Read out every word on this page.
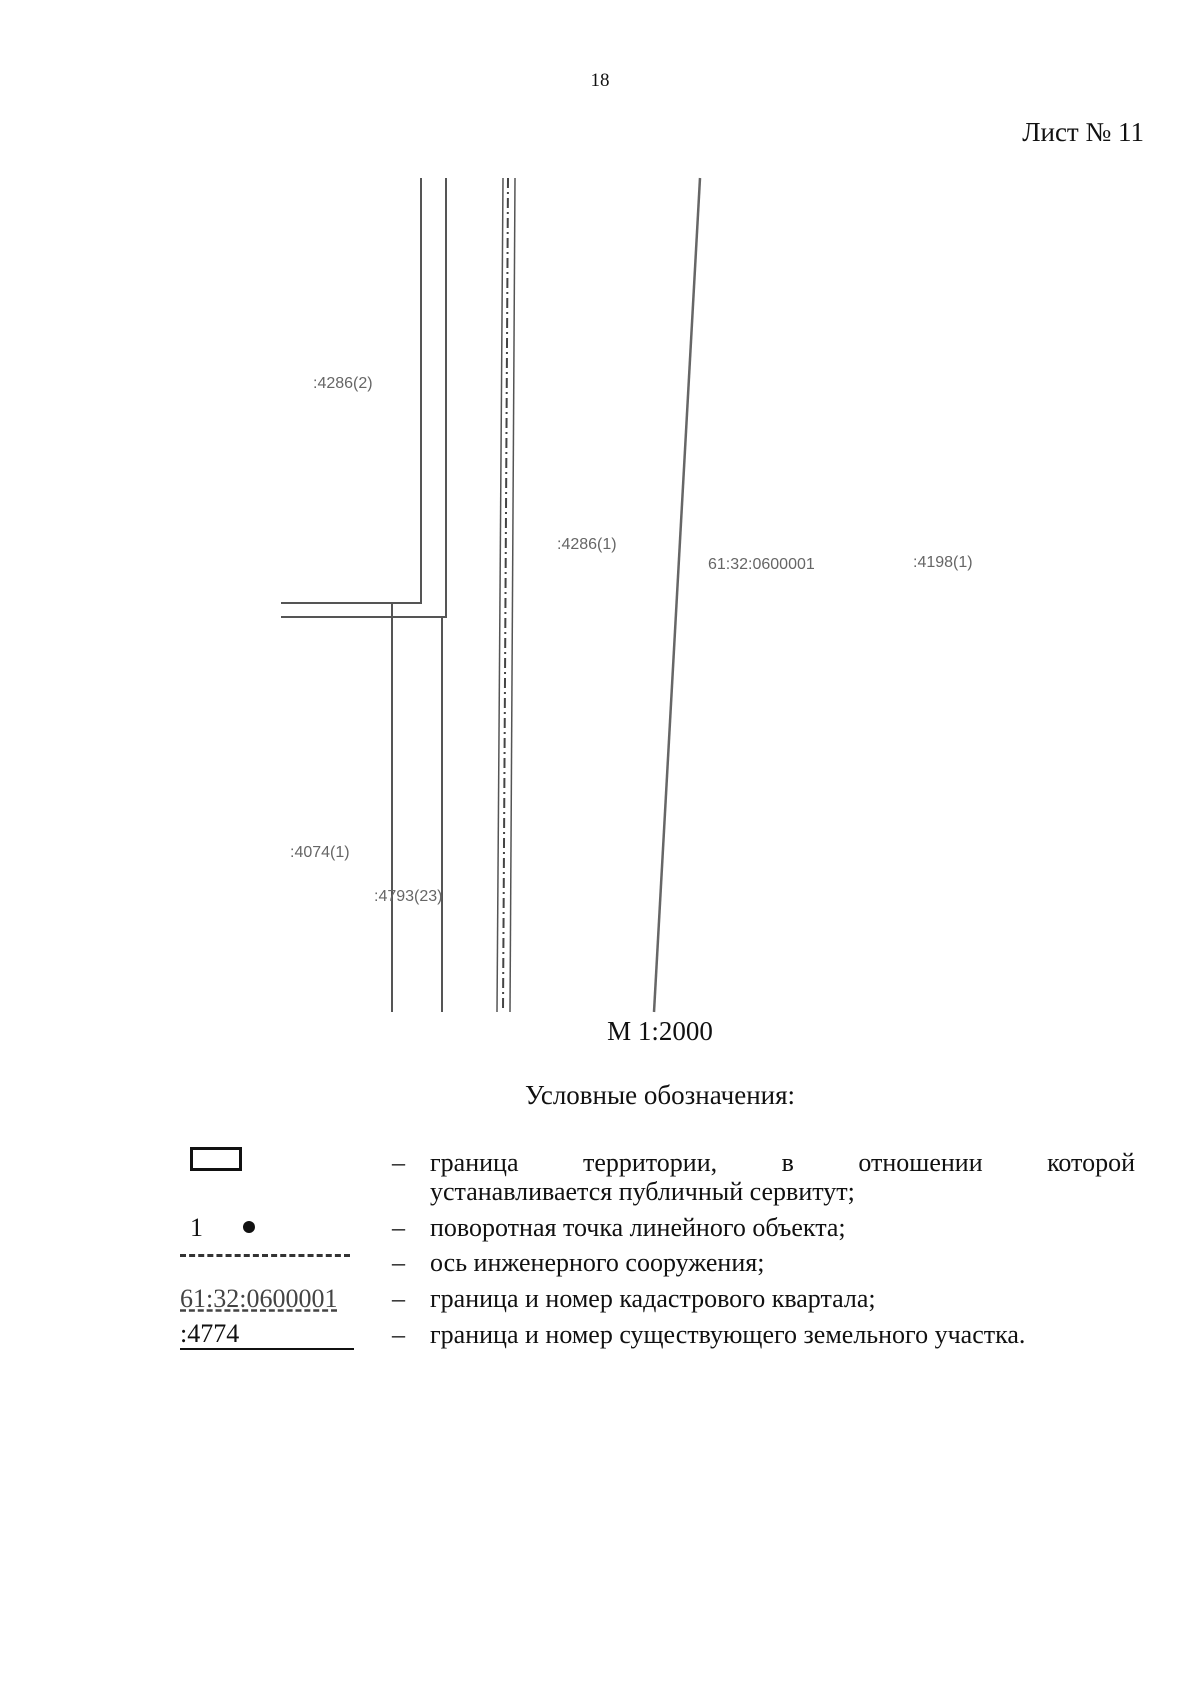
18
Лист № 11
:4286(2)
:4286(1)
61:32:0600001	:4198(1)
:4074(1)
:4793(23)
М 1:2000
Условные обозначения:
– граница территории, в отношении которой
устанавливается публичный сервитут;
1	– поворотная точка линейного объекта;
– ось инженерного сооружения;
61:32:0600001 – граница и номер кадастрового квартала;
:4774	– граница и номер существующего земельного участка.
